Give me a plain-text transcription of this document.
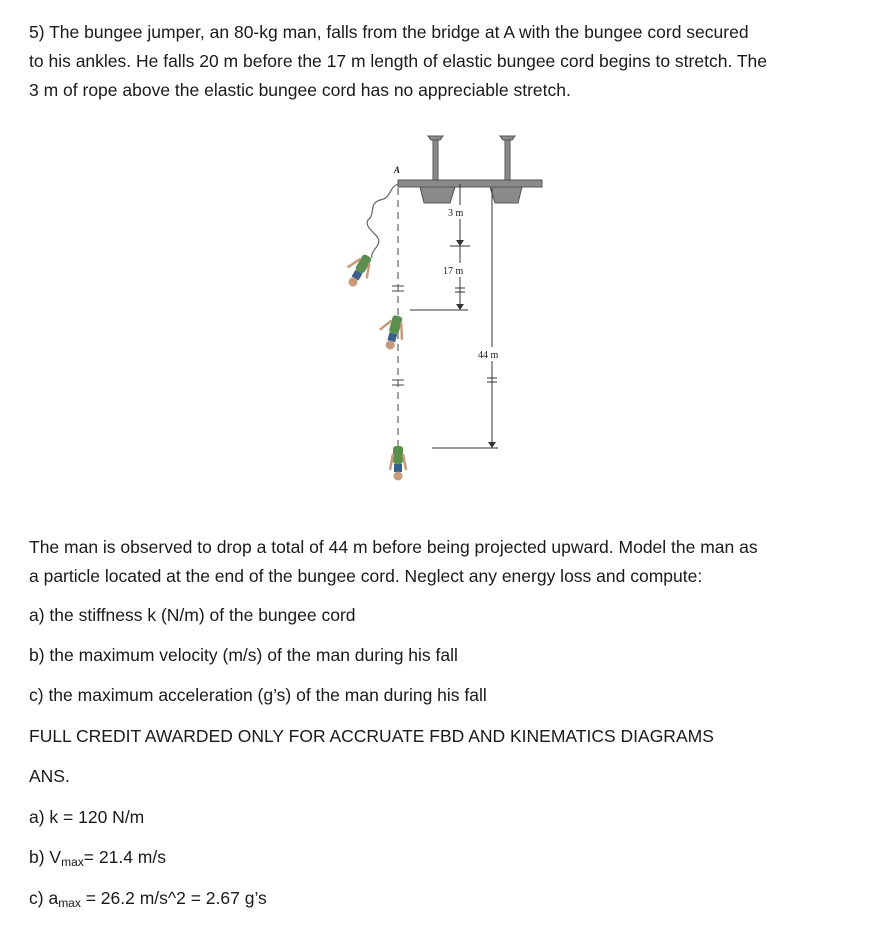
5) The bungee jumper, an 80-kg man, falls from the bridge at A with the bungee cord secured
to his ankles. He falls 20 m before the 17 m length of elastic bungee cord begins to stretch. The
3 m of rope above the elastic bungee cord has no appreciable stretch.
A
3 m
17 m
44 m
The man is observed to drop a total of 44 m before being projected upward. Model the man as
a particle located at the end of the bungee cord. Neglect any energy loss and compute:
a) the stiffness k (N/m) of the bungee cord
b) the maximum velocity (m/s) of the man during his fall
c) the maximum acceleration (g’s) of the man during his fall
FULL CREDIT AWARDED ONLY FOR ACCRUATE FBD AND KINEMATICS DIAGRAMS
ANS.
a) k = 120 N/m
b) $V_{max}= 21.4$ m/s
c) $a_{max} = 26.2$ m/s^2 = 2.67 g’s
